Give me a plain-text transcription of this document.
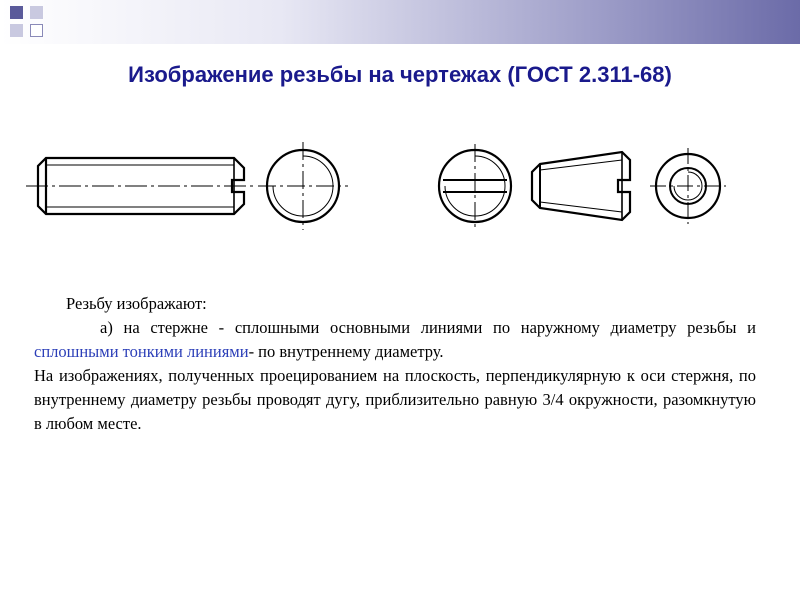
Изображение резьбы на чертежах (ГОСТ 2.311-68)

Резьбу изображают:

а) на стержне - сплошными основными линиями по наружному диаметру резьбы и сплошными тонкими линиями- по внутреннему диаметру.

На изображениях, полученных проецированием на плоскость, перпендикулярную к оси стержня, по внутреннему диаметру резьбы проводят дугу, приблизительно равную 3/4 окружности, разомкнутую в любом месте.
